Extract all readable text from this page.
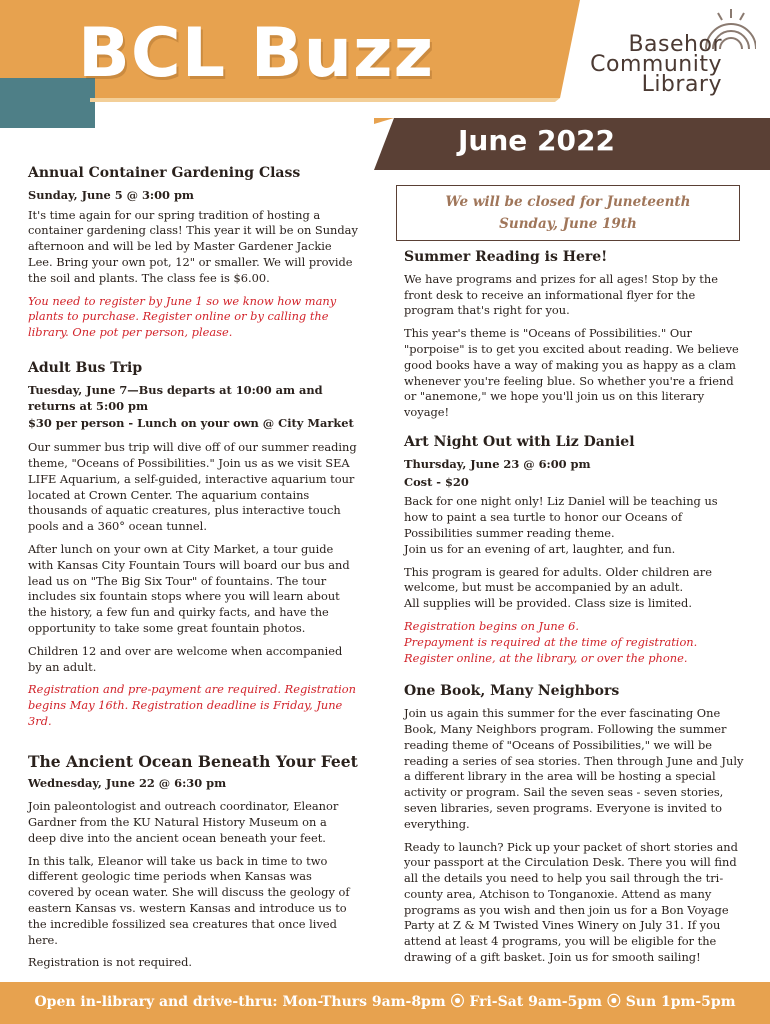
BCL Buzz	Basehor
Community
Library
June 2022
We will be closed for Juneteenth
Sunday, June 19th
Annual Container Gardening Class

Sunday, June 5 @ 3:00 pm

It's time again for our spring tradition of hosting a container gardening class! This year it will be on Sunday afternoon and will be led by Master Gardener Jackie Lee. Bring your own pot, 12" or smaller. We will provide the soil and plants. The class fee is $6.00.

You need to register by June 1 so we know how many plants to purchase. Register online or by calling the library. One pot per person, please.

Adult Bus Trip

Tuesday, June 7—Bus departs at 10:00 am and returns at 5:00 pm

$30 per person - Lunch on your own @ City Market

Our summer bus trip will dive off of our summer reading theme, "Oceans of Possibilities." Join us as we visit SEA LIFE Aquarium, a self-guided, interactive aquarium tour located at Crown Center. The aquarium contains thousands of aquatic creatures, plus interactive touch pools and a 360° ocean tunnel.

After lunch on your own at City Market, a tour guide with Kansas City Fountain Tours will board our bus and lead us on "The Big Six Tour" of fountains. The tour includes six fountain stops where you will learn about the history, a few fun and quirky facts, and have the opportunity to take some great fountain photos.

Children 12 and over are welcome when accompanied by an adult.

Registration and pre-payment are required. Registration begins May 16th. Registration deadline is Friday, June 3rd.

The Ancient Ocean Beneath Your Feet

Wednesday, June 22 @ 6:30 pm

Join paleontologist and outreach coordinator, Eleanor Gardner from the KU Natural History Museum on a deep dive into the ancient ocean beneath your feet.

In this talk, Eleanor will take us back in time to two different geologic time periods when Kansas was covered by ocean water. She will discuss the geology of eastern Kansas vs. western Kansas and introduce us to the incredible fossilized sea creatures that once lived here.

Registration is not required.

Summer Reading is Here!

We have programs and prizes for all ages! Stop by the front desk to receive an informational flyer for the program that's right for you.

This year's theme is "Oceans of Possibilities." Our "porpoise" is to get you excited about reading. We believe good books have a way of making you as happy as a clam whenever you're feeling blue. So whether you're a friend or "anemone," we hope you'll join us on this literary voyage!

Art Night Out with Liz Daniel

Thursday, June 23 @ 6:00 pm

Cost - $20

Back for one night only! Liz Daniel will be teaching us how to paint a sea turtle to honor our Oceans of Possibilities summer reading theme.
Join us for an evening of art, laughter, and fun.

This program is geared for adults. Older children are welcome, but must be accompanied by an adult.
All supplies will be provided. Class size is limited.

Registration begins on June 6.
Prepayment is required at the time of registration.
Register online, at the library, or over the phone.

One Book, Many Neighbors

Join us again this summer for the ever fascinating One Book, Many Neighbors program. Following the summer reading theme of "Oceans of Possibilities," we will be reading a series of sea stories. Then through June and July a different library in the area will be hosting a special activity or program. Sail the seven seas - seven stories, seven libraries, seven programs. Everyone is invited to everything.

Ready to launch? Pick up your packet of short stories and your passport at the Circulation Desk. There you will find all the details you need to help you sail through the tri-county area, Atchison to Tonganoxie. Attend as many programs as you wish and then join us for a Bon Voyage Party at Z & M Twisted Vines Winery on July 31. If you attend at least 4 programs, you will be eligible for the drawing of a gift basket. Join us for smooth sailing!

Open in-library and drive-thru: Mon-Thurs 9am-8pm ⦿ Fri-Sat 9am-5pm ⦿ Sun 1pm-5pm
